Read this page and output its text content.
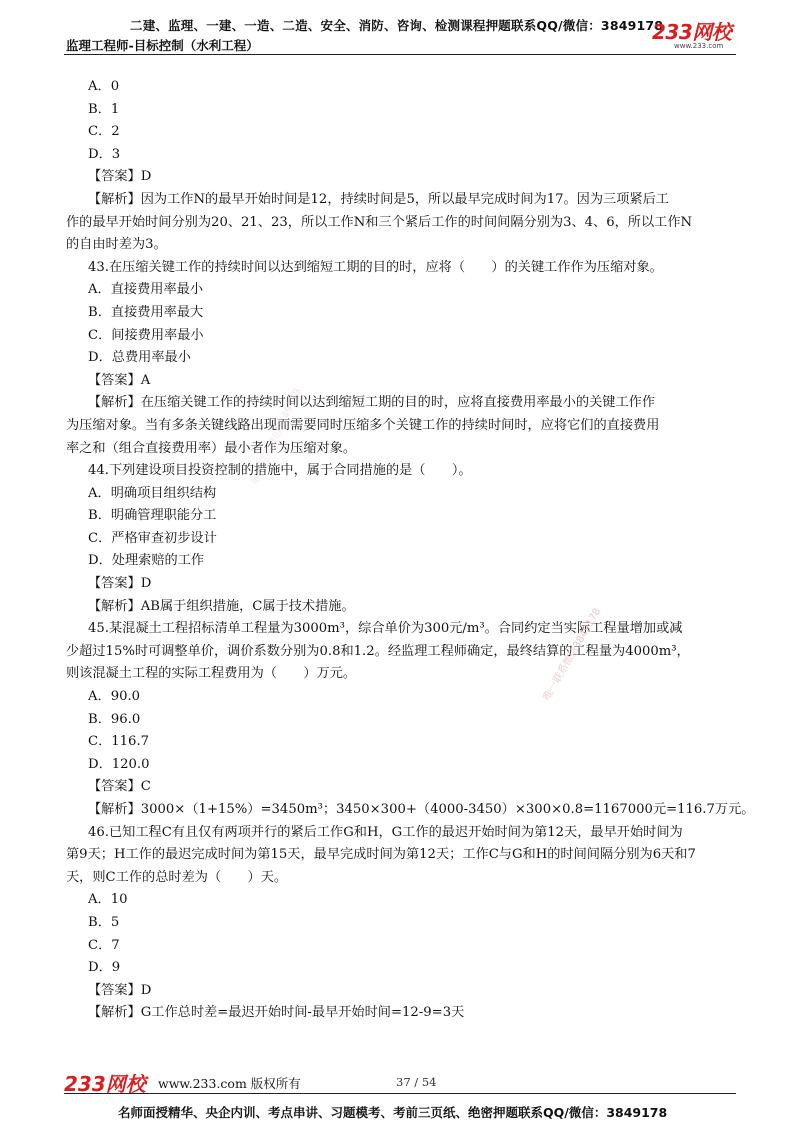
二建、监理、一建、一造、二造、安全、消防、咨询、检测课程押题联系QQ/微信：3849178
监理工程师-目标控制（水利工程）
233网校
www.233.com
A．0
B．1
C．2
D．3
【答案】D
【解析】因为工作N的最早开始时间是12，持续时间是5，所以最早完成时间为17。因为三项紧后工
作的最早开始时间分别为20、21、23，所以工作N和三个紧后工作的时间间隔分别为3、4、6，所以工作N
的自由时差为3。
43.在压缩关键工作的持续时间以达到缩短工期的目的时，应将（　　）的关键工作作为压缩对象。
A．直接费用率最小
B．直接费用率最大
C．间接费用率最小
D．总费用率最小
【答案】A
【解析】在压缩关键工作的持续时间以达到缩短工期的目的时，应将直接费用率最小的关键工作作
为压缩对象。当有多条关键线路出现而需要同时压缩多个关键工作的持续时间时，应将它们的直接费用
率之和（组合直接费用率）最小者作为压缩对象。
44.下列建设项目投资控制的措施中，属于合同措施的是（　　）。
A．明确项目组织结构
B．明确管理职能分工
C．严格审查初步设计
D．处理索赔的工作
【答案】D
【解析】AB属于组织措施，C属于技术措施。
45.某混凝土工程招标清单工程量为3000m³，综合单价为300元/m³。合同约定当实际工程量增加或减
少超过15%时可调整单价，调价系数分别为0.8和1.2。经监理工程师确定，最终结算的工程量为4000m³，
则该混凝土工程的实际工程费用为（　　）万元。
A．90.0
B．96.0
C．116.7
D．120.0
【答案】C
【解析】3000×（1+15%）=3450m³；3450×300+（4000-3450）×300×0.8=1167000元=116.7万元。
46.已知工程C有且仅有两项并行的紧后工作G和H，G工作的最迟开始时间为第12天，最早开始时间为
第9天；H工作的最迟完成时间为第15天，最早完成时间为第12天；工作C与G和H的时间间隔分别为6天和7
天，则C工作的总时差为（　　）天。
A．10
B．5
C．7
D．9
【答案】D
【解析】G工作总时差=最迟开始时间-最早开始时间=12-9=3天
唯一联系微信3849178
唯一联系微信3849178
233网校 www.233.com 版权所有	37 / 54
名师面授精华、央企内训、考点串讲、习题模考、考前三页纸、绝密押题联系QQ/微信：3849178
